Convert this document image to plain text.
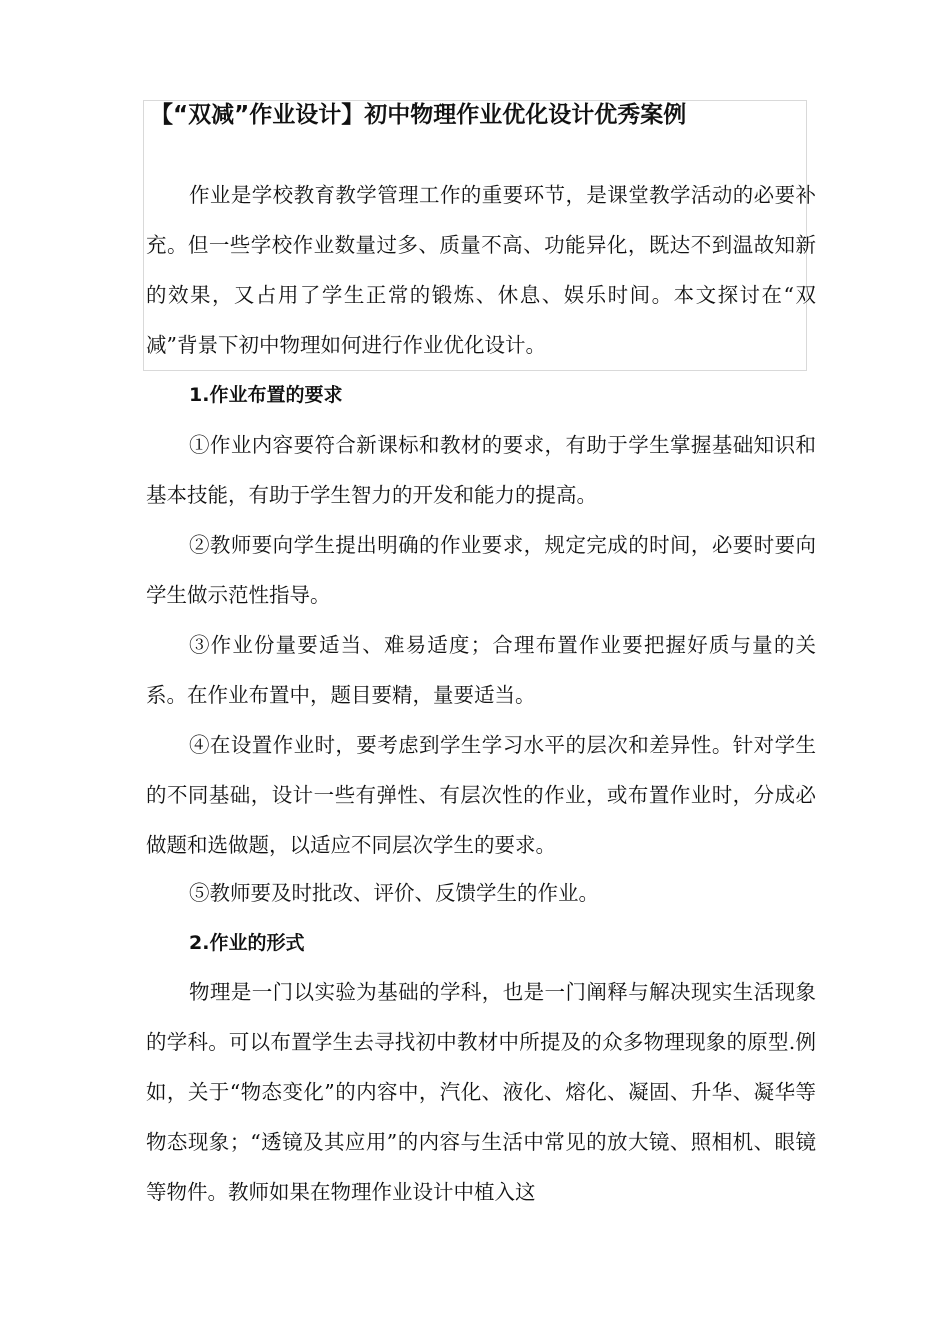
【“双减”作业设计】初中物理作业优化设计优秀案例

作业是学校教育教学管理工作的重要环节，是课堂教学活动的必要补充。但一些学校作业数量过多、质量不高、功能异化，既达不到温故知新的效果，又占用了学生正常的锻炼、休息、娱乐时间。本文探讨在“双减”背景下初中物理如何进行作业优化设计。

1.作业布置的要求

①作业内容要符合新课标和教材的要求，有助于学生掌握基础知识和基本技能，有助于学生智力的开发和能力的提高。

②教师要向学生提出明确的作业要求，规定完成的时间，必要时要向学生做示范性指导。

③作业份量要适当、难易适度；合理布置作业要把握好质与量的关系。在作业布置中，题目要精，量要适当。

④在设置作业时，要考虑到学生学习水平的层次和差异性。针对学生的不同基础，设计一些有弹性、有层次性的作业，或布置作业时，分成必做题和选做题，以适应不同层次学生的要求。

⑤教师要及时批改、评价、反馈学生的作业。

2.作业的形式

物理是一门以实验为基础的学科，也是一门阐释与解决现实生活现象的学科。可以布置学生去寻找初中教材中所提及的众多物理现象的原型.例如，关于“物态变化”的内容中，汽化、液化、熔化、凝固、升华、凝华等物态现象；“透镜及其应用”的内容与生活中常见的放大镜、照相机、眼镜等物件。教师如果在物理作业设计中植入这
